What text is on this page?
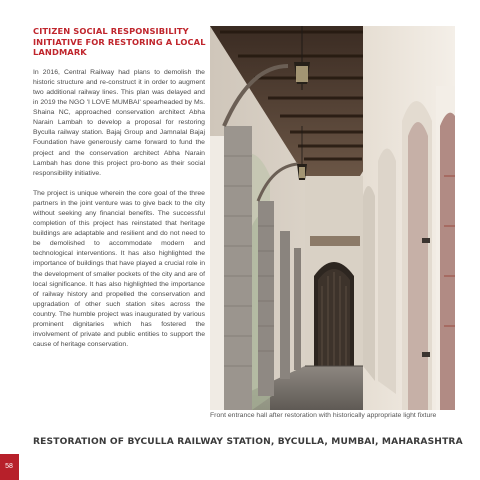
CITIZEN SOCIAL RESPONSIBILITY
INITIATIVE FOR RESTORING A LOCAL
LANDMARK

In 2016, Central Railway had plans to demolish the historic structure and re-construct it in order to augment two additional railway lines. This plan was delayed and in 2019 the NGO 'I LOVE MUMBAI' spearheaded by Ms. Shaina NC, approached conservation architect Abha Narain Lambah to develop a proposal for restoring Byculla railway station. Bajaj Group and Jamnalal Bajaj Foundation have generously came forward to fund the project and the conservation architect Abha Narain Lambah has done this project pro-bono as their social responsibility initiative.

The project is unique wherein the core goal of the three partners in the joint venture was to give back to the city without seeking any financial benefits. The successful completion of this project has reinstated that heritage buildings are adaptable and resilient and do not need to be demolished to accommodate modern and technological interventions. It has also highlighted the importance of buildings that have played a crucial role in the development of smaller pockets of the city and are of local significance. It has also highlighted the importance of railway history and propelled the conservation and upgradation of other such station sites across the country. The humble project was inaugurated by various prominent dignitaries which has fostered the involvement of private and public entities to support the cause of heritage conservation.

Front entrance hall after restoration with historically appropriate light fixture

RESTORATION OF BYCULLA RAILWAY STATION, BYCULLA, MUMBAI, MAHARASHTRA
58
